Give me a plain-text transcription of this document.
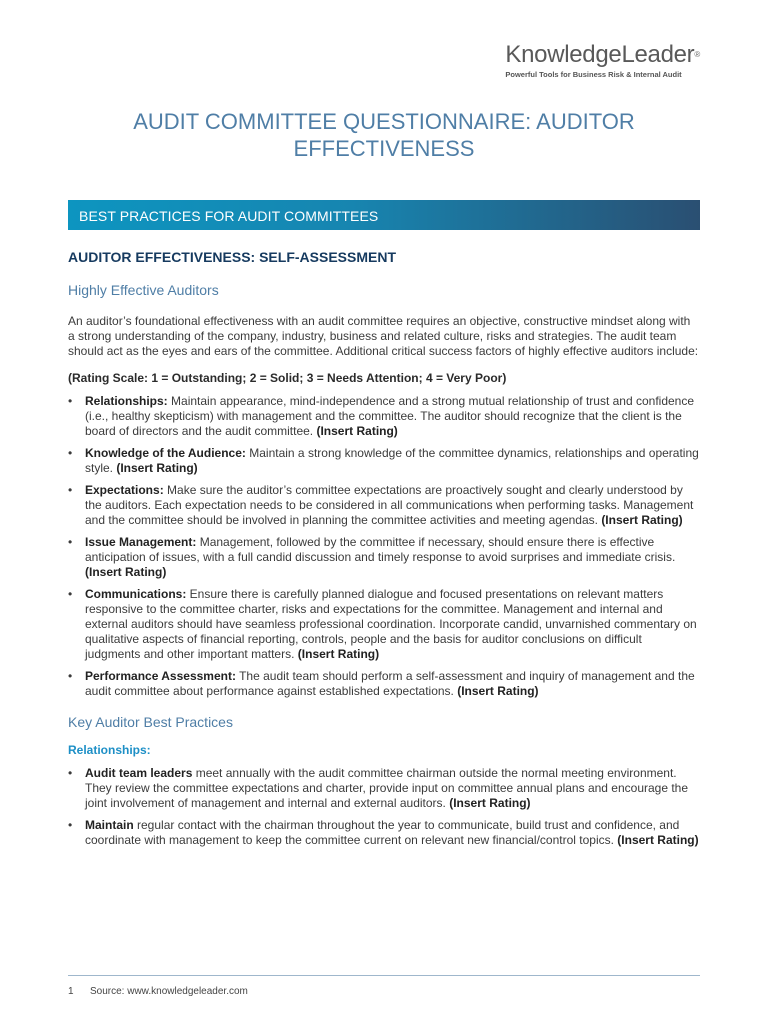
KnowledgeLeader®
Powerful Tools for Business Risk & Internal Audit
AUDIT COMMITTEE QUESTIONNAIRE: AUDITOR EFFECTIVENESS
BEST PRACTICES FOR AUDIT COMMITTEES
AUDITOR EFFECTIVENESS: SELF-ASSESSMENT
Highly Effective Auditors

An auditor’s foundational effectiveness with an audit committee requires an objective, constructive mindset along with a strong understanding of the company, industry, business and related culture, risks and strategies. The audit team should act as the eyes and ears of the committee. Additional critical success factors of highly effective auditors include:

(Rating Scale: 1 = Outstanding; 2 = Solid; 3 = Needs Attention; 4 = Very Poor)

• Relationships: Maintain appearance, mind-independence and a strong mutual relationship of trust and confidence (i.e., healthy skepticism) with management and the committee. The auditor should recognize that the client is the board of directors and the audit committee. (Insert Rating)
• Knowledge of the Audience: Maintain a strong knowledge of the committee dynamics, relationships and operating style. (Insert Rating)
• Expectations: Make sure the auditor’s committee expectations are proactively sought and clearly understood by the auditors. Each expectation needs to be considered in all communications when performing tasks. Management and the committee should be involved in planning the committee activities and meeting agendas. (Insert Rating)
• Issue Management: Management, followed by the committee if necessary, should ensure there is effective anticipation of issues, with a full candid discussion and timely response to avoid surprises and immediate crisis. (Insert Rating)
• Communications: Ensure there is carefully planned dialogue and focused presentations on relevant matters responsive to the committee charter, risks and expectations for the committee. Management and internal and external auditors should have seamless professional coordination. Incorporate candid, unvarnished commentary on qualitative aspects of financial reporting, controls, people and the basis for auditor conclusions on difficult judgments and other important matters. (Insert Rating)
• Performance Assessment: The audit team should perform a self-assessment and inquiry of management and the audit committee about performance against established expectations. (Insert Rating)
Key Auditor Best Practices
Relationships:
• Audit team leaders meet annually with the audit committee chairman outside the normal meeting environment. They review the committee expectations and charter, provide input on committee annual plans and encourage the joint involvement of management and internal and external auditors. (Insert Rating)
• Maintain regular contact with the chairman throughout the year to communicate, build trust and confidence, and coordinate with management to keep the committee current on relevant new financial/control topics. (Insert Rating)
1 Source: www.knowledgeleader.com
